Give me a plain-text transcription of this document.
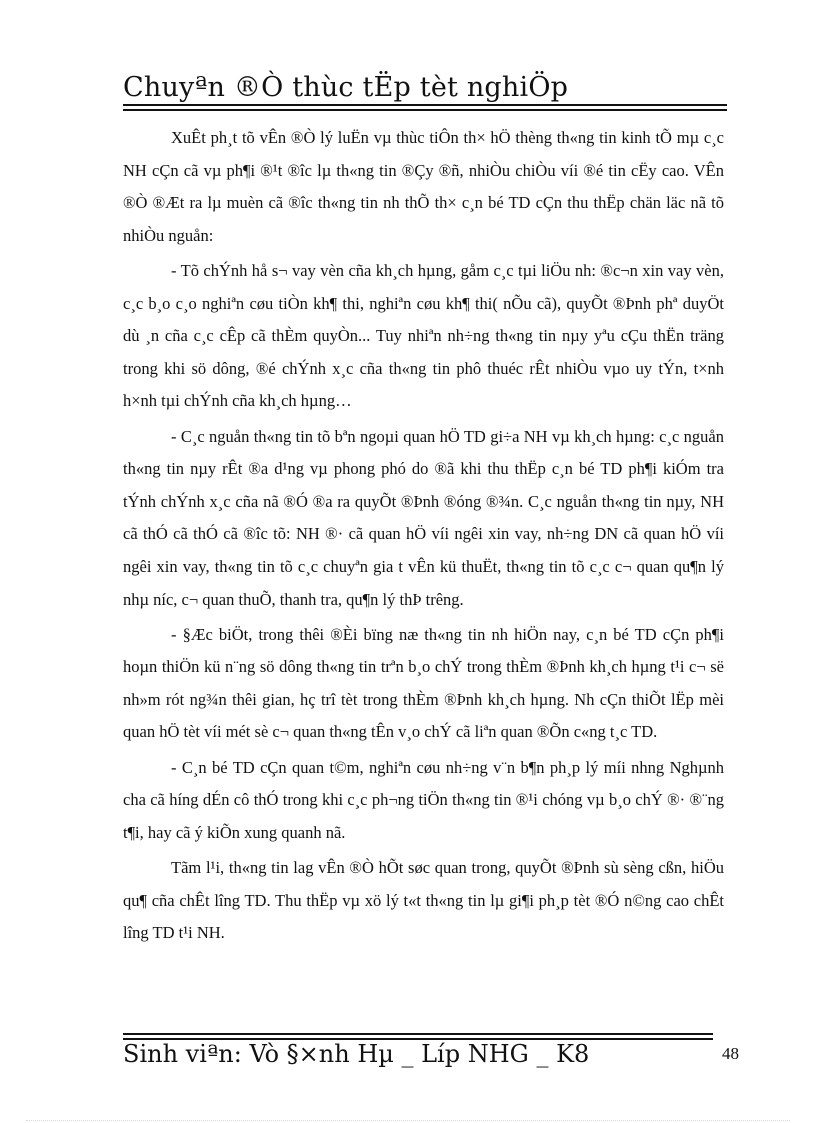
Chuyªn ®Ò thùc tËp tèt nghiÖp

XuÊt ph¸t tõ vÊn ®Ò lý luËn vµ thùc tiÔn th× hÖ thèng th«ng tin kinh tÕ mµ c¸c NH cÇn cã vµ ph¶i ®¹t ®îc lµ th«ng tin ®Çy ®ñ, nhiÒu chiÒu víi ®é tin cËy cao. VÊn ®Ò ®Æt ra lµ muèn cã ®îc th«ng tin nh thÕ th× c¸n bé TD cÇn thu thËp chän läc nã tõ nhiÒu nguån:

- Tõ chÝnh hå s¬ vay vèn cña kh¸ch hµng, gåm c¸c tµi liÖu nh: ®c¬n xin vay vèn, c¸c b¸o c¸o nghiªn cøu tiÒn kh¶ thi, nghiªn cøu kh¶ thi( nÕu cã), quyÕt ®Þnh phª duyÖt dù ¸n cña c¸c cÊp cã thÈm quyÒn... Tuy nhiªn nh÷ng th«ng tin nµy yªu cÇu thËn träng trong khi sö dông, ®é chÝnh x¸c cña th«ng tin phô thuéc rÊt nhiÒu vµo uy tÝn, t×nh h×nh tµi chÝnh cña kh¸ch hµng…

- C¸c nguån th«ng tin tõ bªn ngoµi quan hÖ TD gi÷a NH vµ kh¸ch hµng: c¸c nguån th«ng tin nµy rÊt ®a d¹ng vµ phong phó do ®ã khi thu thËp c¸n bé TD ph¶i kiÓm tra tÝnh chÝnh x¸c cña nã ®Ó ®a ra quyÕt ®Þnh ®óng ®¾n. C¸c nguån th«ng tin nµy, NH cã thÓ cã thÓ cã ®îc tõ: NH ®· cã quan hÖ víi ngêi xin vay, nh÷ng DN cã quan hÖ víi ngêi xin vay, th«ng tin tõ c¸c chuyªn gia t vÊn kü thuËt, th«ng tin tõ c¸c c¬ quan qu¶n lý nhµ níc, c¬ quan thuÕ, thanh tra, qu¶n lý thÞ trêng.

- §Æc biÖt, trong thêi ®Èi bïng næ th«ng tin nh hiÖn nay, c¸n bé TD cÇn ph¶i hoµn thiÖn kü n¨ng sö dông th«ng tin trªn b¸o chÝ trong thÈm ®Þnh kh¸ch hµng t¹i c¬ së nh»m rót ng¾n thêi gian, hç trî tèt trong thÈm ®Þnh kh¸ch hµng. Nh cÇn thiÕt lËp mèi quan hÖ tèt víi mét sè c¬ quan th«ng tÊn v¸o chÝ cã liªn quan ®Õn c«ng t¸c TD.

- C¸n bé TD cÇn quan t©m, nghiªn cøu nh÷ng v¨n b¶n ph¸p lý míi nhng Nghµnh cha cã híng dÉn cô thÓ trong khi c¸c ph¬ng tiÖn th«ng tin ®¹i chóng vµ b¸o chÝ ®· ®¨ng t¶i, hay cã ý kiÕn xung quanh nã.

Tãm l¹i, th«ng tin lag vÊn ®Ò hÕt søc quan trong, quyÕt ®Þnh sù sèng cßn, hiÖu qu¶ cña chÊt lîng TD. Thu thËp vµ xö lý t«t th«ng tin lµ gi¶i ph¸p tèt ®Ó n©ng cao chÊt lîng TD t¹i NH.

Sinh viªn: Vò §×nh Hµ _ Líp NHG _ K8	48
